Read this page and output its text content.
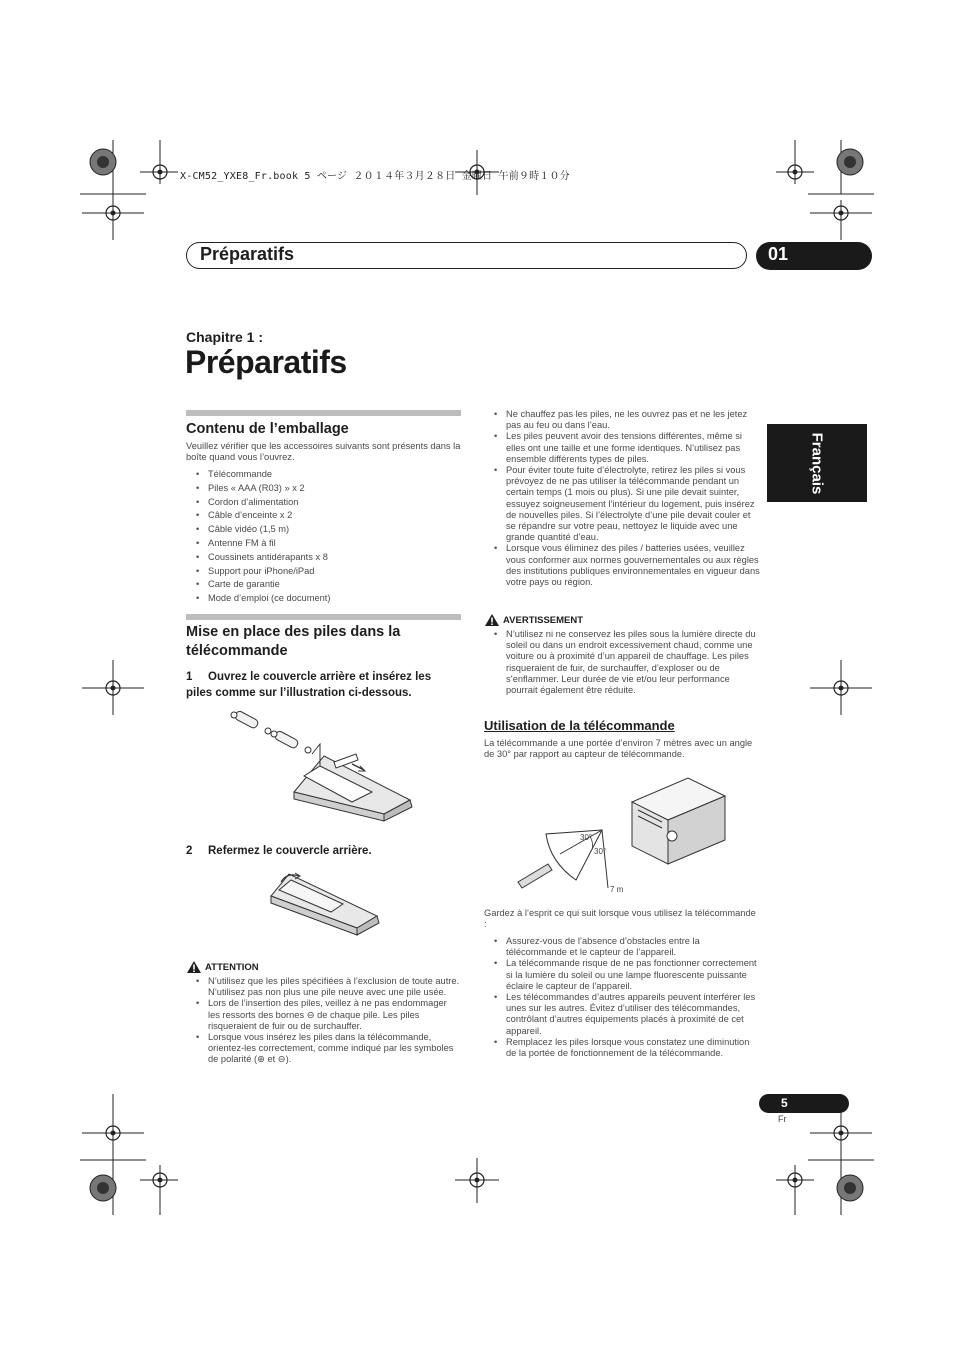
X-CM52_YXE8_Fr.book 5 ページ ２０１４年３月２８日 金曜日 午前９時１０分
Préparatifs	01
Chapitre 1 :
Préparatifs
Français
Contenu de l’emballage
Veuillez vérifier que les accessoires suivants sont présents dans la boîte quand vous l’ouvrez.
• Télécommande
• Piles « AAA (R03) » x 2
• Cordon d’alimentation
• Câble d’enceinte x 2
• Câble vidéo (1,5 m)
• Antenne FM à fil
• Coussinets antidérapants x 8
• Support pour iPhone/iPad
• Carte de garantie
• Mode d’emploi (ce document)
Mise en place des piles dans la télécommande
1 Ouvrez le couvercle arrière et insérez les piles comme sur l’illustration ci-dessous.
2 Refermez le couvercle arrière.
ATTENTION
• N’utilisez que les piles spécifiées à l’exclusion de toute autre. N’utilisez pas non plus une pile neuve avec une pile usée.
• Lors de l’insertion des piles, veillez à ne pas endommager les ressorts des bornes ⊖ de chaque pile. Les piles risqueraient de fuir ou de surchauffer.
• Lorsque vous insérez les piles dans la télécommande, orientez-les correctement, comme indiqué par les symboles de polarité (⊕ et ⊖).
• Ne chauffez pas les piles, ne les ouvrez pas et ne les jetez pas au feu ou dans l’eau.
• Les piles peuvent avoir des tensions différentes, même si elles ont une taille et une forme identiques. N’utilisez pas ensemble différents types de piles.
• Pour éviter toute fuite d’électrolyte, retirez les piles si vous prévoyez de ne pas utiliser la télécommande pendant un certain temps (1 mois ou plus). Si une pile devait suinter, essuyez soigneusement l’intérieur du logement, puis insérez de nouvelles piles. Si l’électrolyte d’une pile devait couler et se répandre sur votre peau, nettoyez le liquide avec une grande quantité d’eau.
• Lorsque vous éliminez des piles / batteries usées, veuillez vous conformer aux normes gouvernementales ou aux règles des institutions publiques environnementales en vigueur dans votre pays ou région.
AVERTISSEMENT
• N’utilisez ni ne conservez les piles sous la lumière directe du soleil ou dans un endroit excessivement chaud, comme une voiture ou à proximité d’un appareil de chauffage. Les piles risqueraient de fuir, de surchauffer, d’exploser ou de s’enflammer. Leur durée de vie et/ou leur performance pourrait également être réduite.
Utilisation de la télécommande
La télécommande a une portée d’environ 7 mètres avec un angle de 30° par rapport au capteur de télécommande.
30°
30°
7 m
Gardez à l’esprit ce qui suit lorsque vous utilisez la télécommande :
• Assurez-vous de l’absence d’obstacles entre la télécommande et le capteur de l’appareil.
• La télécommande risque de ne pas fonctionner correctement si la lumière du soleil ou une lampe fluorescente puissante éclaire le capteur de l’appareil.
• Les télécommandes d’autres appareils peuvent interférer les unes sur les autres. Évitez d’utiliser des télécommandes, contrôlant d’autres équipements placés à proximité de cet appareil.
• Remplacez les piles lorsque vous constatez une diminution de la portée de fonctionnement de la télécommande.
5
Fr
